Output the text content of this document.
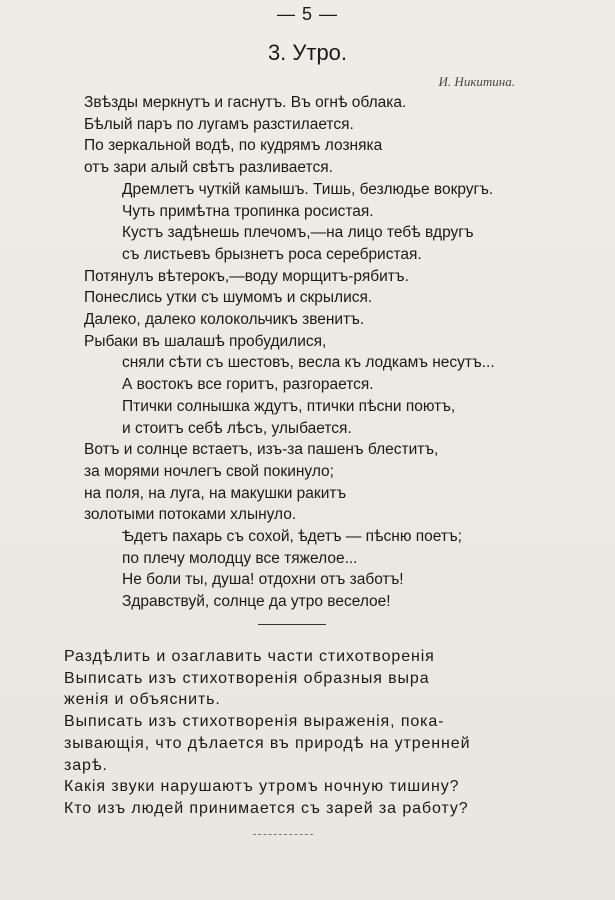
— 5 —
3. Утро.
И. Никитина.
Звѣзды меркнутъ и гаснутъ. Въ огнѣ облака.
Бѣлый паръ по лугамъ разстилается.
По зеркальной водѣ, по кудрямъ лозняка
отъ зари алый свѣтъ разливается.
Дремлетъ чуткій камышъ. Тишь, безлюдье вокругъ.
Чуть примѣтна тропинка росистая.
Кустъ задѣнешь плечомъ,—на лицо тебѣ вдругъ
съ листьевъ брызнетъ роса серебристая.
Потянулъ вѣтерокъ,—воду морщитъ-рябитъ.
Понеслись утки съ шумомъ и скрылися.
Далеко, далеко колокольчикъ звенитъ.
Рыбаки въ шалашѣ пробудилися,
сняли сѣти съ шестовъ, весла къ лодкамъ несутъ...
А востокъ все горитъ, разгорается.
Птички солнышка ждутъ, птички пѣсни поютъ,
и стоитъ себѣ лѣсъ, улыбается.
Вотъ и солнце встаетъ, изъ-за пашенъ блеститъ,
за морями ночлегъ свой покинуло;
на поля, на луга, на макушки ракитъ
золотыми потоками хлынуло.
Ѣдетъ пахарь съ сохой, ѣдетъ — пѣсню поетъ;
по плечу молодцу все тяжелое...
Не боли ты, душа! отдохни отъ заботъ!
Здравствуй, солнце да утро веселое!
Раздѣлить и озаглавить части стихотворенія
Выписать изъ стихотворенія образныя выра
женія и объяснить.
Выписать изъ стихотворенія выраженія, пока-
зывающія, что дѣлается въ природѣ на утренней
зарѣ.
Какія звуки нарушаютъ утромъ ночную тишину?
Кто изъ людей принимается съ зарей за работу?
